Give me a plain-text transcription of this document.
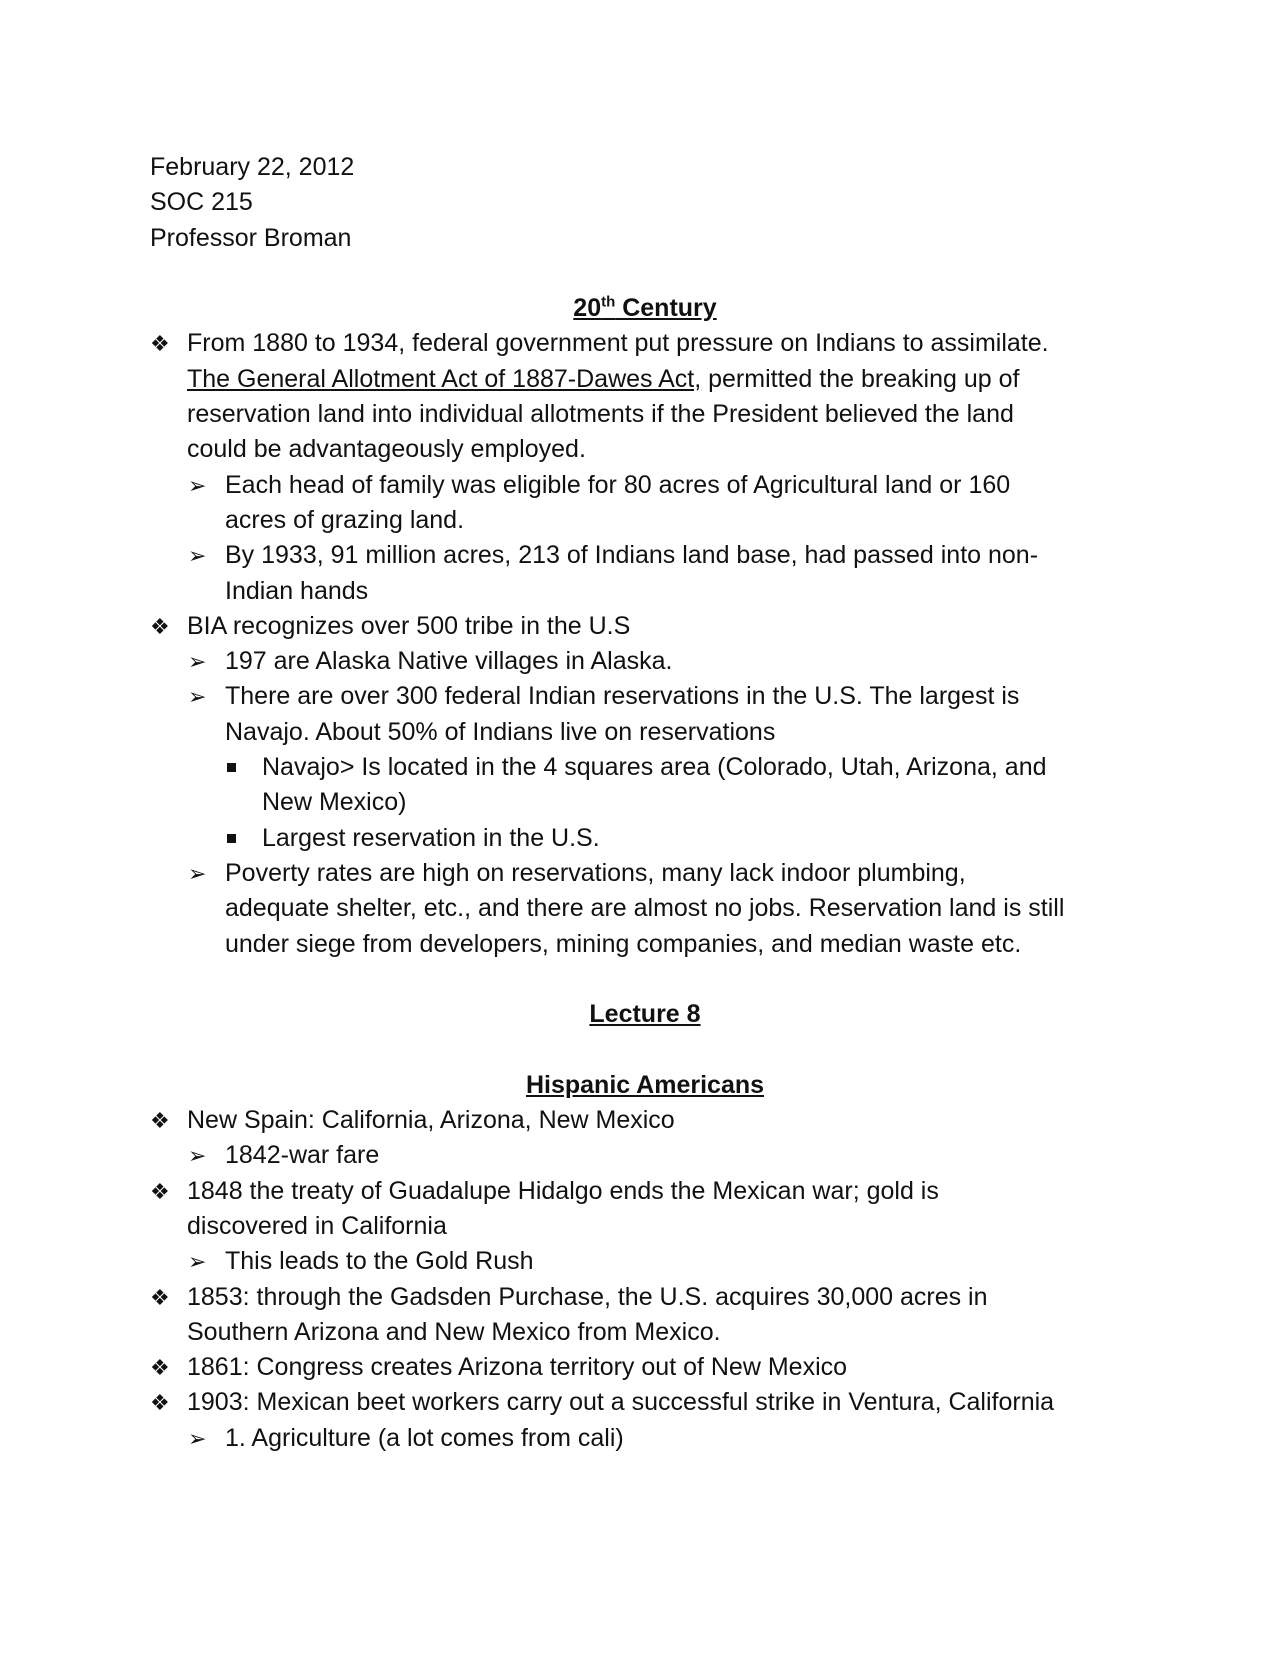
February 22, 2012
SOC 215
Professor Broman
20th Century
❖ From 1880 to 1934, federal government put pressure on Indians to assimilate.
The General Allotment Act of 1887-Dawes Act, permitted the breaking up of
reservation land into individual allotments if the President believed the land
could be advantageously employed.
➢ Each head of family was eligible for 80 acres of Agricultural land or 160
acres of grazing land.
➢ By 1933, 91 million acres, 213 of Indians land base, had passed into non-
Indian hands
❖ BIA recognizes over 500 tribe in the U.S
➢ 197 are Alaska Native villages in Alaska.
➢ There are over 300 federal Indian reservations in the U.S. The largest is
Navajo. About 50% of Indians live on reservations
Navajo> Is located in the 4 squares area (Colorado, Utah, Arizona, and
New Mexico)
Largest reservation in the U.S.
➢ Poverty rates are high on reservations, many lack indoor plumbing,
adequate shelter, etc., and there are almost no jobs. Reservation land is still
under siege from developers, mining companies, and median waste etc.
Lecture 8
Hispanic Americans
❖ New Spain: California, Arizona, New Mexico
➢ 1842-war fare
❖ 1848 the treaty of Guadalupe Hidalgo ends the Mexican war; gold is
discovered in California
➢ This leads to the Gold Rush
❖ 1853: through the Gadsden Purchase, the U.S. acquires 30,000 acres in
Southern Arizona and New Mexico from Mexico.
❖ 1861: Congress creates Arizona territory out of New Mexico
❖ 1903: Mexican beet workers carry out a successful strike in Ventura, California
➢ 1. Agriculture (a lot comes from cali)
